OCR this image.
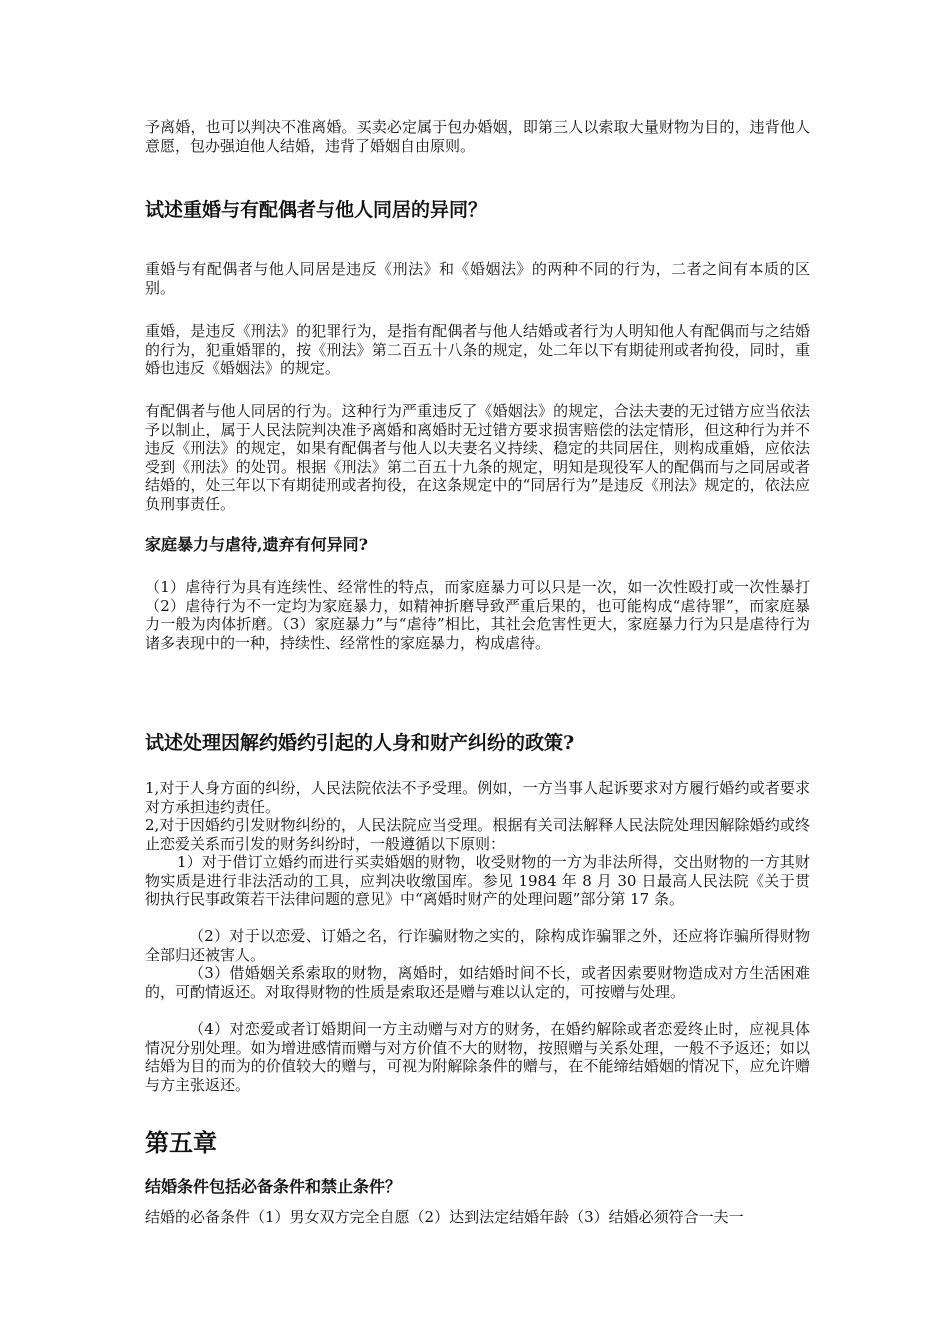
予离婚，也可以判决不准离婚。买卖必定属于包办婚姻，即第三人以索取大量财物为目的，违背他人意愿，包办强迫他人结婚，违背了婚姻自由原则。

试述重婚与有配偶者与他人同居的异同？

重婚与有配偶者与他人同居是违反《刑法》和《婚姻法》的两种不同的行为，二者之间有本质的区别。

重婚，是违反《刑法》的犯罪行为，是指有配偶者与他人结婚或者行为人明知他人有配偶而与之结婚的行为，犯重婚罪的，按《刑法》第二百五十八条的规定，处二年以下有期徒刑或者拘役，同时，重婚也违反《婚姻法》的规定。

有配偶者与他人同居的行为。这种行为严重违反了《婚姻法》的规定，合法夫妻的无过错方应当依法予以制止，属于人民法院判决准予离婚和离婚时无过错方要求损害赔偿的法定情形，但这种行为并不违反《刑法》的规定，如果有配偶者与他人以夫妻名义持续、稳定的共同居住，则构成重婚，应依法受到《刑法》的处罚。根据《刑法》第二百五十九条的规定，明知是现役军人的配偶而与之同居或者结婚的，处三年以下有期徒刑或者拘役，在这条规定中的“同居行为”是违反《刑法》规定的，依法应负刑事责任。

家庭暴力与虐待,遗弃有何异同?

（1）虐待行为具有连续性、经常性的特点，而家庭暴力可以只是一次，如一次性殴打或一次性暴打（2）虐待行为不一定均为家庭暴力，如精神折磨导致严重后果的，也可能构成“虐待罪”，而家庭暴力一般为肉体折磨。（3）家庭暴力”与“虐待”相比，其社会危害性更大，家庭暴力行为只是虐待行为诸多表现中的一种，持续性、经常性的家庭暴力，构成虐待。

试述处理因解约婚约引起的人身和财产纠纷的政策?

1,对于人身方面的纠纷，人民法院依法不予受理。例如，一方当事人起诉要求对方履行婚约或者要求对方承担违约责任。

2,对于因婚约引发财物纠纷的，人民法院应当受理。根据有关司法解释人民法院处理因解除婚约或终止恋爱关系而引发的财务纠纷时，一般遵循以下原则：

1）对于借订立婚约而进行买卖婚姻的财物，收受财物的一方为非法所得，交出财物的一方其财物实质是进行非法活动的工具，应判决收缴国库。参见 1984 年 8 月 30 日最高人民法院《关于贯彻执行民事政策若干法律问题的意见》中“离婚时财产的处理问题”部分第 17 条。

（2）对于以恋爱、订婚之名，行诈骗财物之实的，除构成诈骗罪之外，还应将诈骗所得财物全部归还被害人。

（3）借婚姻关系索取的财物，离婚时，如结婚时间不长，或者因索要财物造成对方生活困难的，可酌情返还。对取得财物的性质是索取还是赠与难以认定的，可按赠与处理。

（4）对恋爱或者订婚期间一方主动赠与对方的财务，在婚约解除或者恋爱终止时，应视具体情况分别处理。如为增进感情而赠与对方价值不大的财物，按照赠与关系处理，一般不予返还；如以结婚为目的而为的价值较大的赠与，可视为附解除条件的赠与，在不能缔结婚姻的情况下，应允许赠与方主张返还。

第五章
结婚条件包括必备条件和禁止条件？

结婚的必备条件（1）男女双方完全自愿（2）达到法定结婚年龄（3）结婚必须符合一夫一
